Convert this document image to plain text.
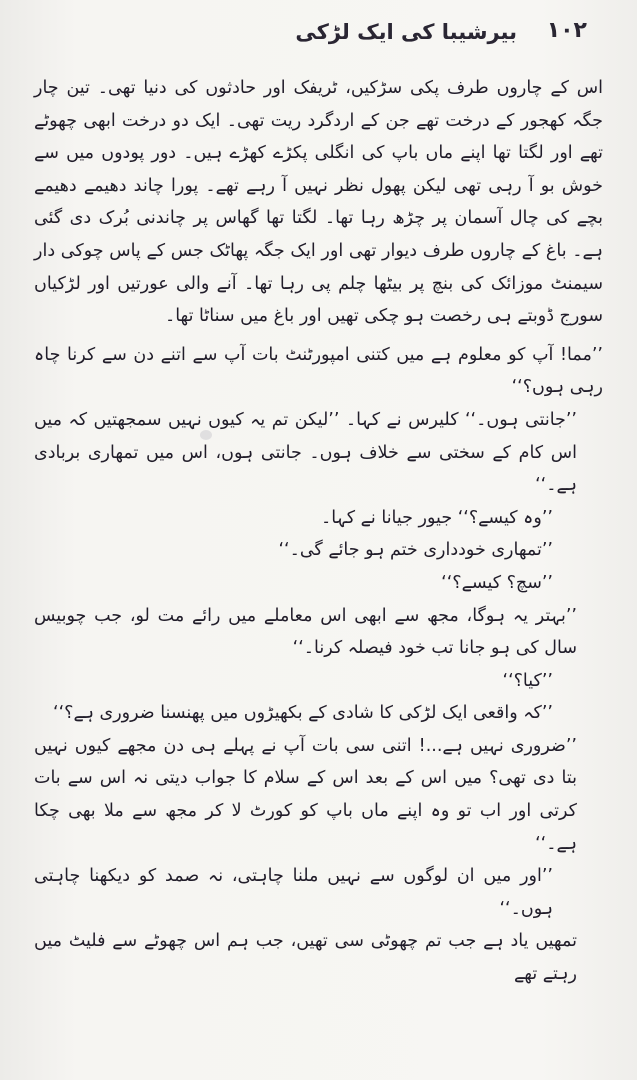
۱۰۲
بیرشیبا کی ایک لڑکی

اس کے چاروں طرف پکی سڑکیں، ٹریفک اور حادثوں کی دنیا تھی۔ تین چار جگہ کھجور کے درخت تھے جن کے اردگرد ریت تھی۔ ایک دو درخت ابھی چھوٹے تھے اور لگتا تھا اپنے ماں باپ کی انگلی پکڑے کھڑے ہیں۔ دور پودوں میں سے خوش بو آ رہی تھی لیکن پھول نظر نہیں آ رہے تھے۔ پورا چاند دھیمے دھیمے بچے کی چال آسمان پر چڑھ رہا تھا۔ لگتا تھا گھاس پر چاندنی بُرک دی گئی ہے۔ باغ کے چاروں طرف دیوار تھی اور ایک جگہ پھاٹک جس کے پاس چوکی دار سیمنٹ موزائک کی بنچ پر بیٹھا چلم پی رہا تھا۔ آنے والی عورتیں اور لڑکیاں سورج ڈوبتے ہی رخصت ہو چکی تھیں اور باغ میں سناٹا تھا۔

’’مما! آپ کو معلوم ہے میں کتنی امپورٹنٹ بات آپ سے اتنے دن سے کرنا چاہ رہی ہوں؟‘‘

’’جانتی ہوں۔‘‘ کلیرس نے کہا۔ ’’لیکن تم یہ کیوں نہیں سمجھتیں کہ میں اس کام کے سختی سے خلاف ہوں۔ جانتی ہوں، اس میں تمھاری بربادی ہے۔‘‘

’’وہ کیسے؟‘‘ جیور جیانا نے کہا۔

’’تمھاری خودداری ختم ہو جائے گی۔‘‘

’’سچ؟ کیسے؟‘‘

’’بہتر یہ ہوگا، مجھ سے ابھی اس معاملے میں رائے مت لو، جب چوبیس سال کی ہو جانا تب خود فیصلہ کرنا۔‘‘

’’کیا؟‘‘

’’کہ واقعی ایک لڑکی کا شادی کے بکھیڑوں میں پھنسنا ضروری ہے؟‘‘

’’ضروری نہیں ہے...! اتنی سی بات آپ نے پہلے ہی دن مجھے کیوں نہیں بتا دی تھی؟ میں اس کے بعد اس کے سلام کا جواب دیتی نہ اس سے بات کرتی اور اب تو وہ اپنے ماں باپ کو کورٹ لا کر مجھ سے ملا بھی چکا ہے۔‘‘

’’اور میں ان لوگوں سے نہیں ملنا چاہتی، نہ صمد کو دیکھنا چاہتی ہوں۔‘‘

تمھیں یاد ہے جب تم چھوٹی سی تھیں، جب ہم اس چھوٹے سے فلیٹ میں رہتے تھے
